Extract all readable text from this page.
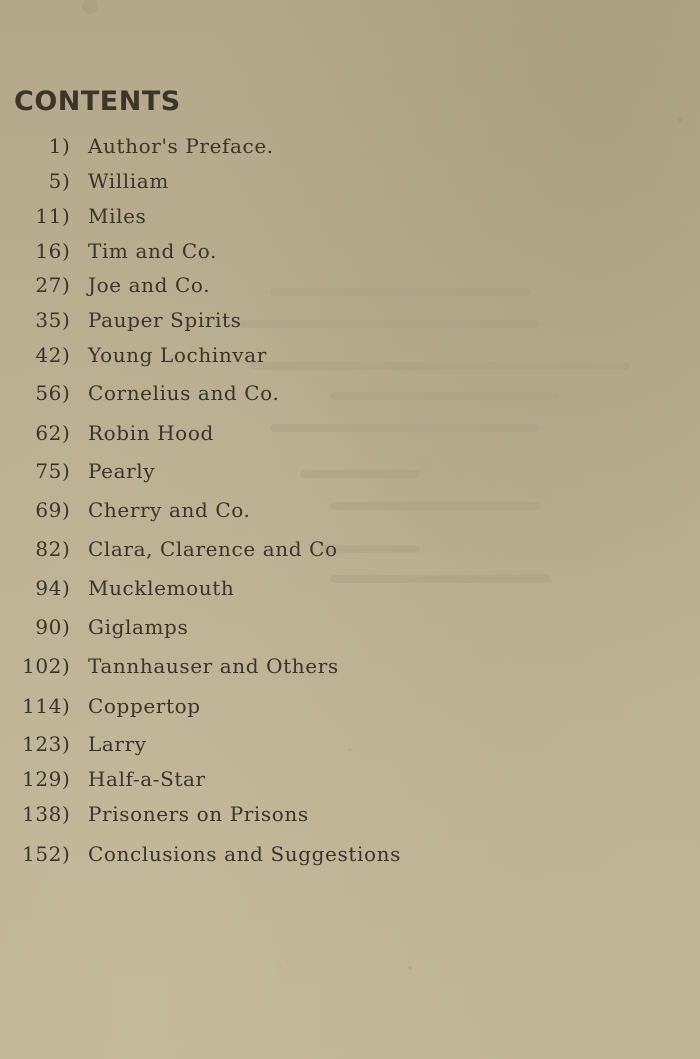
CONTENTS
1 ) Author's Preface.
5 ) William
11 ) Miles
16 ) Tim and Co.
27 ) Joe and Co.
35 ) Pauper Spirits
42 ) Young Lochinvar
56 ) Cornelius and Co.
62 ) Robin Hood
75 ) Pearly
69 ) Cherry and Co.
82 ) Clara, Clarence and Co
94 ) Mucklemouth
90 ) Giglamps
102 ) Tannhauser and Others
114 ) Coppertop
123 ) Larry
129 ) Half-a-Star
138 ) Prisoners on Prisons
152 ) Conclusions and Suggestions
